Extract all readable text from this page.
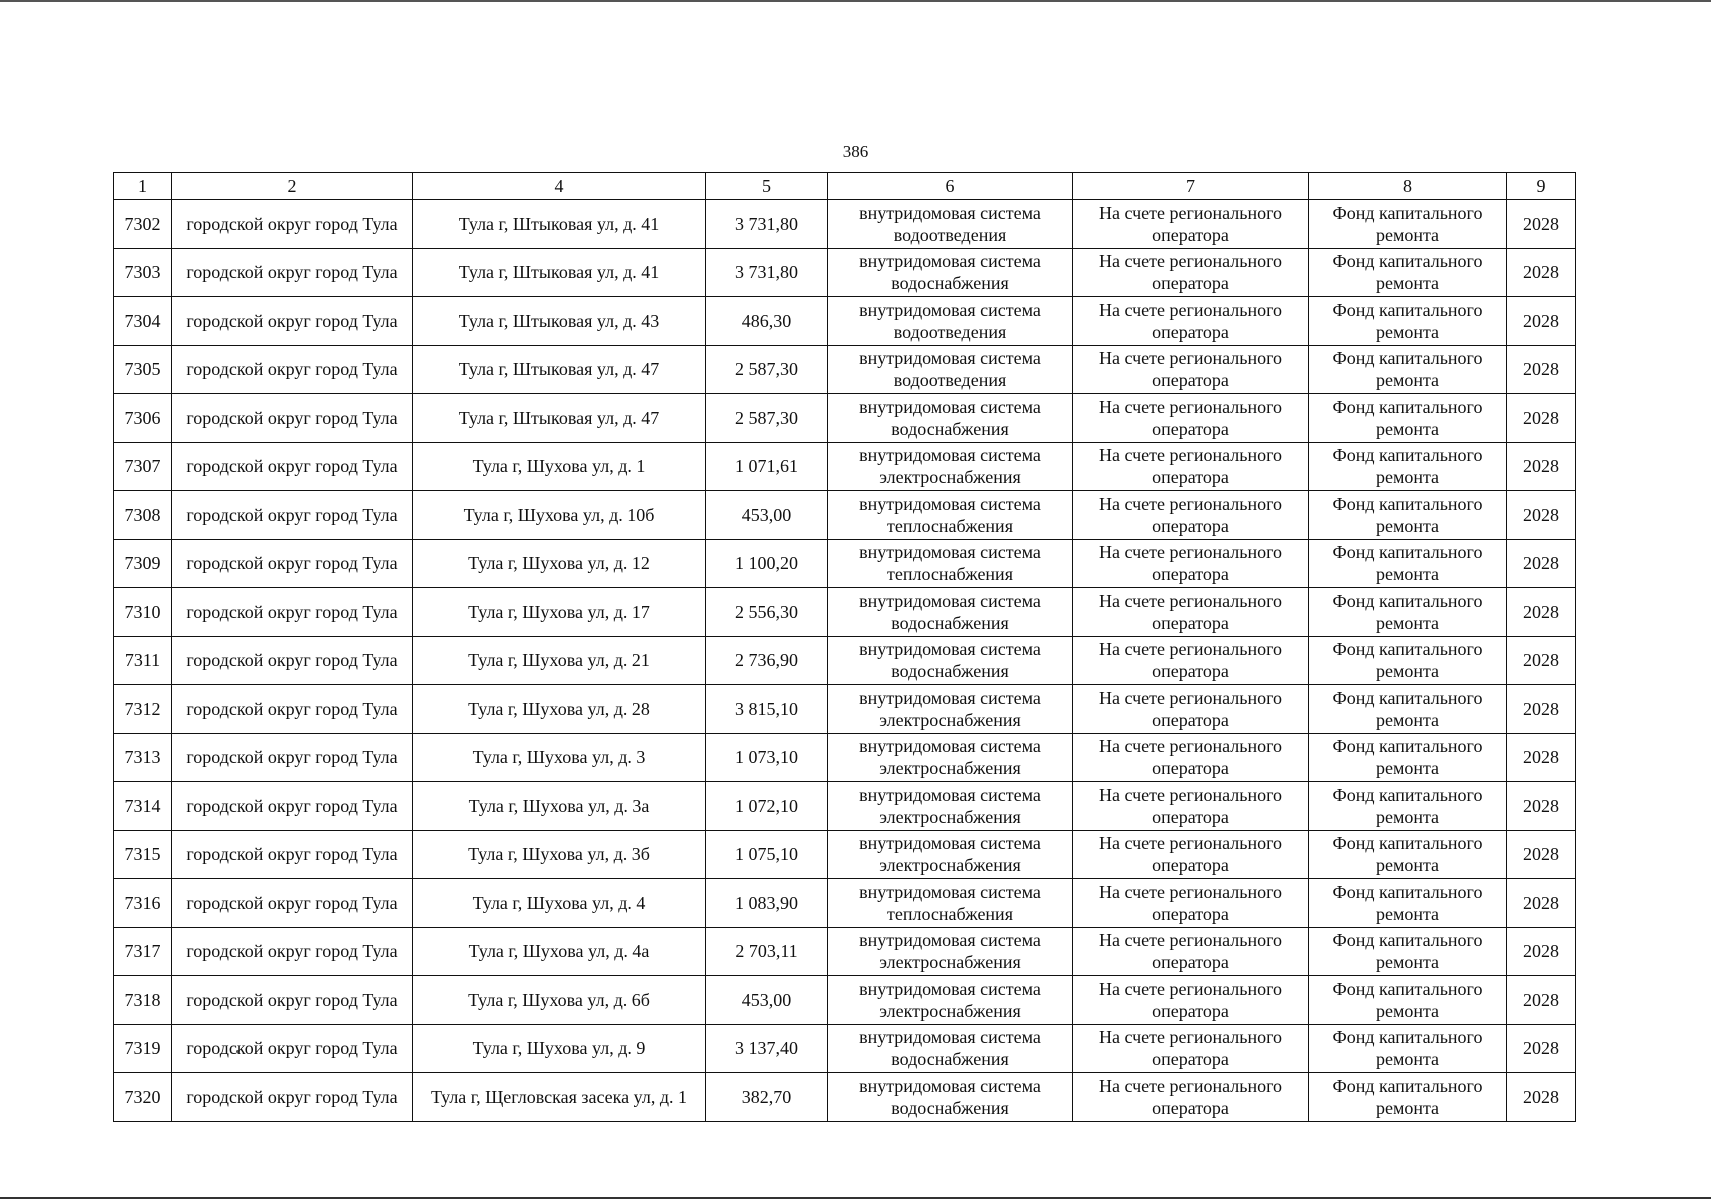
386
1	2	4	5	6	7	8	9
7302	городской округ город Тула	Тула г, Штыковая ул, д. 41	3 731,80	внутридомовая система водоотведения	На счете регионального оператора	Фонд капитального ремонта	2028
7303	городской округ город Тула	Тула г, Штыковая ул, д. 41	3 731,80	внутридомовая система водоснабжения	На счете регионального оператора	Фонд капитального ремонта	2028
7304	городской округ город Тула	Тула г, Штыковая ул, д. 43	486,30	внутридомовая система водоотведения	На счете регионального оператора	Фонд капитального ремонта	2028
7305	городской округ город Тула	Тула г, Штыковая ул, д. 47	2 587,30	внутридомовая система водоотведения	На счете регионального оператора	Фонд капитального ремонта	2028
7306	городской округ город Тула	Тула г, Штыковая ул, д. 47	2 587,30	внутридомовая система водоснабжения	На счете регионального оператора	Фонд капитального ремонта	2028
7307	городской округ город Тула	Тула г, Шухова ул, д. 1	1 071,61	внутридомовая система электроснабжения	На счете регионального оператора	Фонд капитального ремонта	2028
7308	городской округ город Тула	Тула г, Шухова ул, д. 10б	453,00	внутридомовая система теплоснабжения	На счете регионального оператора	Фонд капитального ремонта	2028
7309	городской округ город Тула	Тула г, Шухова ул, д. 12	1 100,20	внутридомовая система теплоснабжения	На счете регионального оператора	Фонд капитального ремонта	2028
7310	городской округ город Тула	Тула г, Шухова ул, д. 17	2 556,30	внутридомовая система водоснабжения	На счете регионального оператора	Фонд капитального ремонта	2028
7311	городской округ город Тула	Тула г, Шухова ул, д. 21	2 736,90	внутридомовая система водоснабжения	На счете регионального оператора	Фонд капитального ремонта	2028
7312	городской округ город Тула	Тула г, Шухова ул, д. 28	3 815,10	внутридомовая система электроснабжения	На счете регионального оператора	Фонд капитального ремонта	2028
7313	городской округ город Тула	Тула г, Шухова ул, д. 3	1 073,10	внутридомовая система электроснабжения	На счете регионального оператора	Фонд капитального ремонта	2028
7314	городской округ город Тула	Тула г, Шухова ул, д. 3а	1 072,10	внутридомовая система электроснабжения	На счете регионального оператора	Фонд капитального ремонта	2028
7315	городской округ город Тула	Тула г, Шухова ул, д. 3б	1 075,10	внутридомовая система электроснабжения	На счете регионального оператора	Фонд капитального ремонта	2028
7316	городской округ город Тула	Тула г, Шухова ул, д. 4	1 083,90	внутридомовая система теплоснабжения	На счете регионального оператора	Фонд капитального ремонта	2028
7317	городской округ город Тула	Тула г, Шухова ул, д. 4а	2 703,11	внутридомовая система электроснабжения	На счете регионального оператора	Фонд капитального ремонта	2028
7318	городской округ город Тула	Тула г, Шухова ул, д. 6б	453,00	внутридомовая система электроснабжения	На счете регионального оператора	Фонд капитального ремонта	2028
7319	городской округ город Тула	Тула г, Шухова ул, д. 9	3 137,40	внутридомовая система водоснабжения	На счете регионального оператора	Фонд капитального ремонта	2028
7320	городской округ город Тула	Тула г, Щегловская засека ул, д. 1	382,70	внутридомовая система водоснабжения	На счете регионального оператора	Фонд капитального ремонта	2028
